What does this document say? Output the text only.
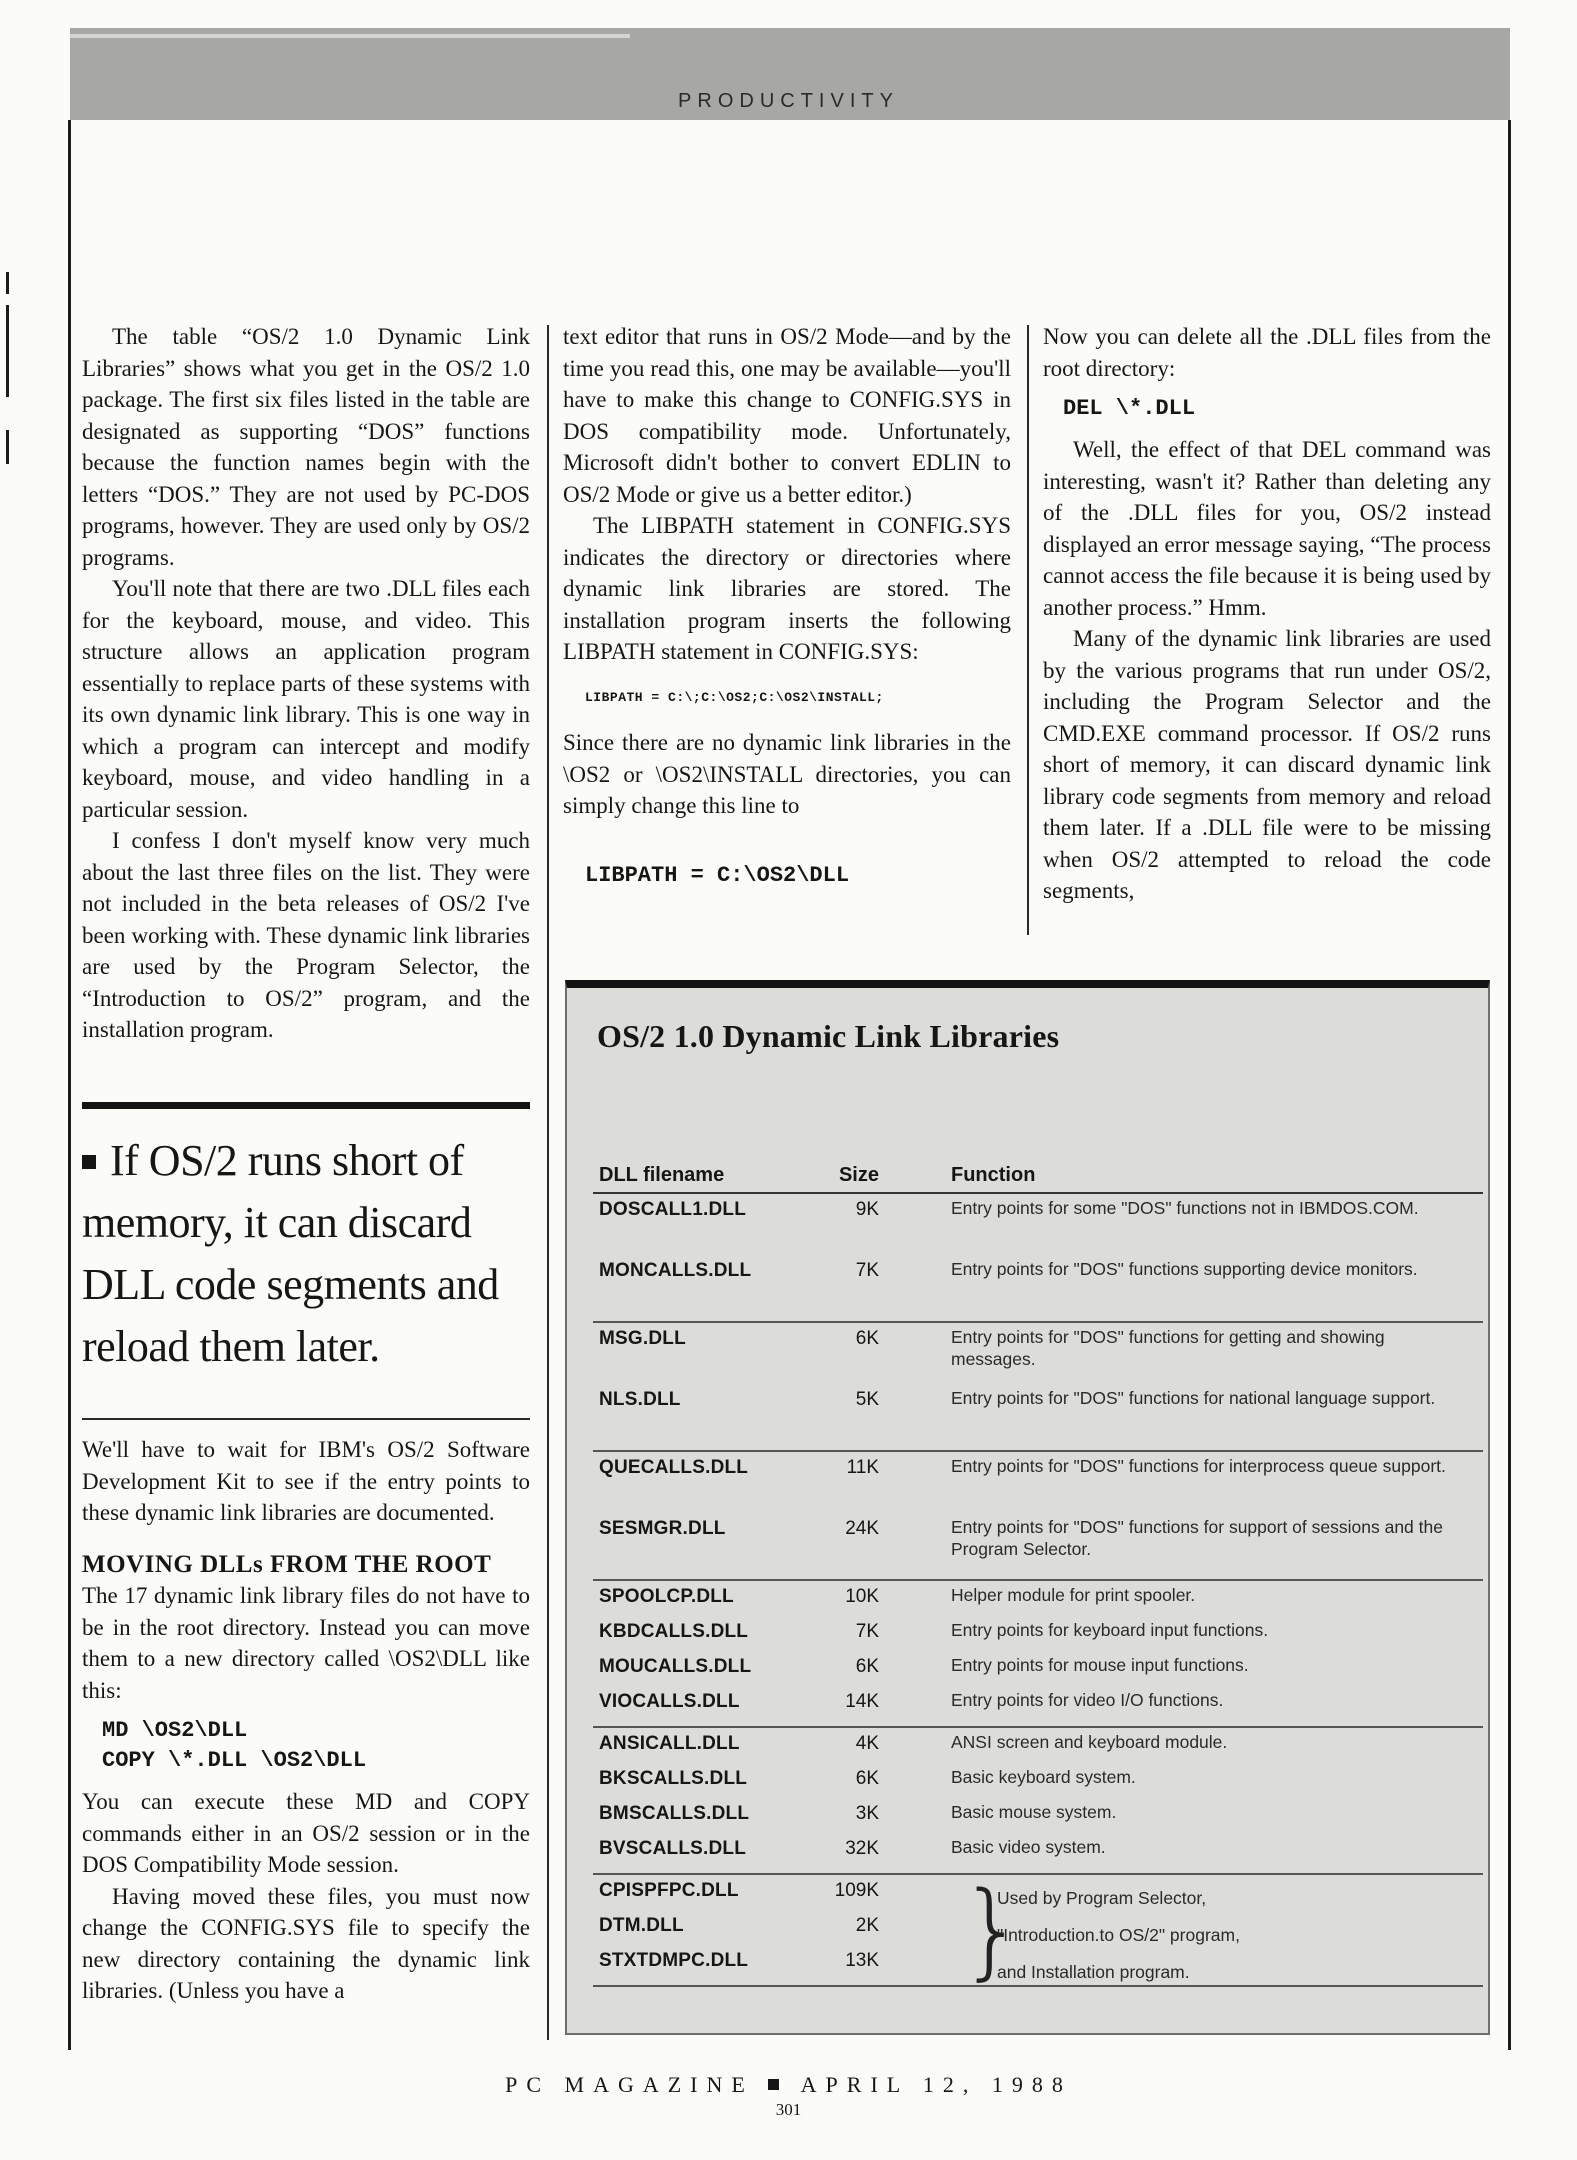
PRODUCTIVITY

The table “OS/2 1.0 Dynamic Link Libraries” shows what you get in the OS/2 1.0 package. The first six files listed in the table are designated as supporting “DOS” functions because the function names begin with the letters “DOS.” They are not used by PC-DOS programs, however. They are used only by OS/2 programs.

You'll note that there are two .DLL files each for the keyboard, mouse, and video. This structure allows an application program essentially to replace parts of these systems with its own dynamic link library. This is one way in which a program can intercept and modify keyboard, mouse, and video handling in a particular session.

I confess I don't myself know very much about the last three files on the list. They were not included in the beta releases of OS/2 I've been working with. These dynamic link libraries are used by the Program Selector, the “Introduction to OS/2” program, and the installation program.

If OS/2 runs short of memory, it can discard DLL code segments and reload them later.

We'll have to wait for IBM's OS/2 Software Development Kit to see if the entry points to these dynamic link libraries are documented.

MOVING DLLs FROM THE ROOT

The 17 dynamic link library files do not have to be in the root directory. Instead you can move them to a new directory called \OS2\DLL like this:

MD \OS2\DLL
COPY \*.DLL \OS2\DLL

You can execute these MD and COPY commands either in an OS/2 session or in the DOS Compatibility Mode session.

Having moved these files, you must now change the CONFIG.SYS file to specify the new directory containing the dynamic link libraries. (Unless you have a

text editor that runs in OS/2 Mode—and by the time you read this, one may be available—you'll have to make this change to CONFIG.SYS in DOS compatibility mode. Unfortunately, Microsoft didn't bother to convert EDLIN to OS/2 Mode or give us a better editor.)

The LIBPATH statement in CONFIG.SYS indicates the directory or directories where dynamic link libraries are stored. The installation program inserts the following LIBPATH statement in CONFIG.SYS:

LIBPATH = C:\;C:\OS2;C:\OS2\INSTALL;

Since there are no dynamic link libraries in the \OS2 or \OS2\INSTALL directories, you can simply change this line to

LIBPATH = C:\OS2\DLL

Now you can delete all the .DLL files from the root directory:

DEL \*.DLL

Well, the effect of that DEL command was interesting, wasn't it? Rather than deleting any of the .DLL files for you, OS/2 instead displayed an error message saying, “The process cannot access the file because it is being used by another process.” Hmm.

Many of the dynamic link libraries are used by the various programs that run under OS/2, including the Program Selector and the CMD.EXE command processor. If OS/2 runs short of memory, it can discard dynamic link library code segments from memory and reload them later. If a .DLL file were to be missing when OS/2 attempted to reload the code segments,

OS/2 1.0 Dynamic Link Libraries
DLL filename	Size	Function
DOSCALL1.DLL	9K	Entry points for some "DOS" functions not in IBMDOS.COM.
MONCALLS.DLL	7K	Entry points for "DOS" functions supporting device monitors.
MSG.DLL	6K	Entry points for "DOS" functions for getting and showing messages.
NLS.DLL	5K	Entry points for "DOS" functions for national language support.
QUECALLS.DLL	11K	Entry points for "DOS" functions for interprocess queue support.
SESMGR.DLL	24K	Entry points for "DOS" functions for support of sessions and the Program Selector.
SPOOLCP.DLL	10K	Helper module for print spooler.
KBDCALLS.DLL	7K	Entry points for keyboard input functions.
MOUCALLS.DLL	6K	Entry points for mouse input functions.
VIOCALLS.DLL	14K	Entry points for video I/O functions.
ANSICALL.DLL	4K	ANSI screen and keyboard module.
BKSCALLS.DLL	6K	Basic keyboard system.
BMSCALLS.DLL	3K	Basic mouse system.
BVSCALLS.DLL	32K	Basic video system.
CPISPFPC.DLL	109K
DTM.DLL	2K
STXTDMPC.DLL	13K }
Used by Program Selector,
"Introduction.to OS/2" program,
and Installation program.
PC MAGAZINE APRIL 12, 1988
301
